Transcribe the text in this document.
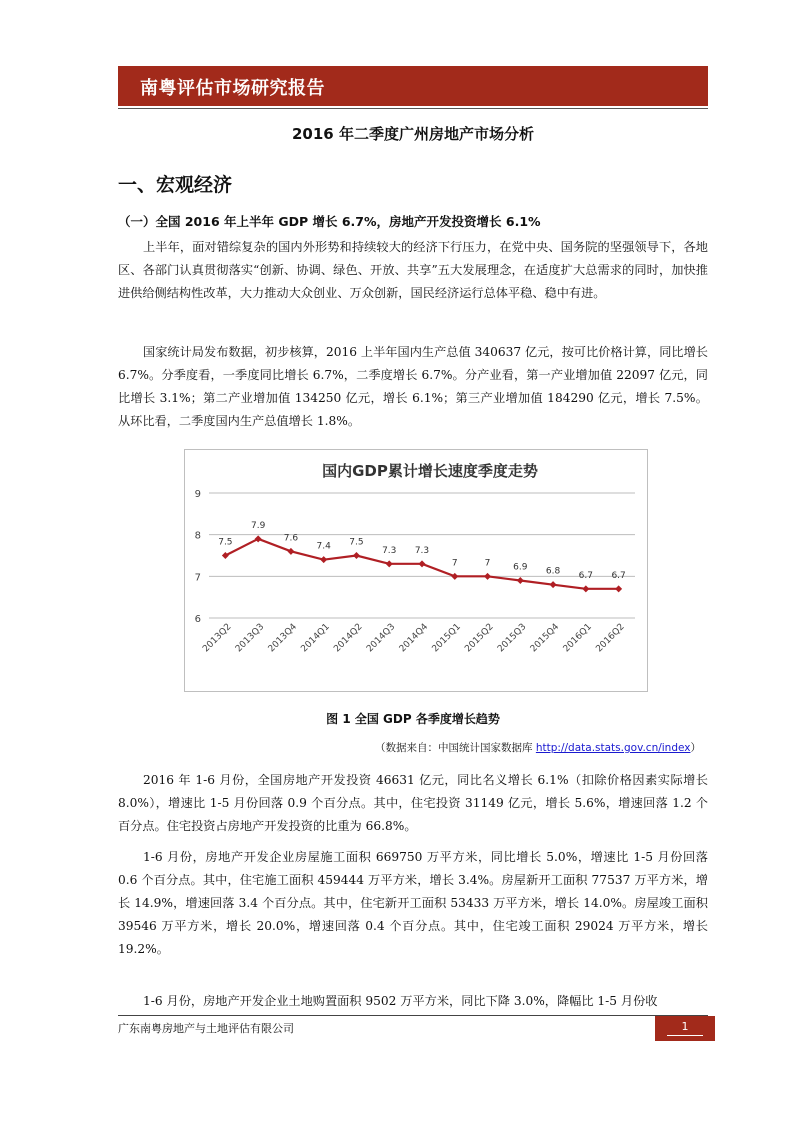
南粤评估市场研究报告
2016 年二季度广州房地产市场分析
一、宏观经济
（一）全国 2016 年上半年 GDP 增长 6.7%，房地产开发投资增长 6.1%

上半年，面对错综复杂的国内外形势和持续较大的经济下行压力，在党中央、国务院的坚强领导下，各地区、各部门认真贯彻落实“创新、协调、绿色、开放、共享”五大发展理念，在适度扩大总需求的同时，加快推进供给侧结构性改革，大力推动大众创业、万众创新，国民经济运行总体平稳、稳中有进。

国家统计局发布数据，初步核算，2016 上半年国内生产总值 340637 亿元，按可比价格计算，同比增长 6.7%。分季度看，一季度同比增长 6.7%，二季度增长 6.7%。分产业看，第一产业增加值 22097 亿元，同比增长 3.1%；第二产业增加值 134250 亿元，增长 6.1%；第三产业增加值 184290 亿元，增长 7.5%。从环比看，二季度国内生产总值增长 1.8%。

6
7
8
9
7.5
7.9
7.6
7.4 7.5
7.3 7.3
7	7	6.9 6.8 6.7 6.7
2013Q2 2013Q3 2013Q4 2014Q1 2014Q2 2014Q3 2014Q4 2015Q1 2015Q2 2015Q3 2015Q4 2016Q1 2016Q2
国内GDP累计增长速度季度走势
图 1 全国 GDP 各季度增长趋势
（数据来自：中国统计国家数据库 http://data.stats.gov.cn/index）

2016 年 1-6 月份，全国房地产开发投资 46631 亿元，同比名义增长 6.1%（扣除价格因素实际增长 8.0%），增速比 1-5 月份回落 0.9 个百分点。其中，住宅投资 31149 亿元，增长 5.6%，增速回落 1.2 个百分点。住宅投资占房地产开发投资的比重为 66.8%。

1-6 月份，房地产开发企业房屋施工面积 669750 万平方米，同比增长 5.0%，增速比 1-5 月份回落 0.6 个百分点。其中，住宅施工面积 459444 万平方米，增长 3.4%。房屋新开工面积 77537 万平方米，增长 14.9%，增速回落 3.4 个百分点。其中，住宅新开工面积 53433 万平方米，增长 14.0%。房屋竣工面积 39546 万平方米，增长 20.0%，增速回落 0.4 个百分点。其中，住宅竣工面积 29024 万平方米，增长 19.2%。

1-6 月份，房地产开发企业土地购置面积 9502 万平方米，同比下降 3.0%，降幅比 1-5 月份收

广东南粤房地产与土地评估有限公司	1
